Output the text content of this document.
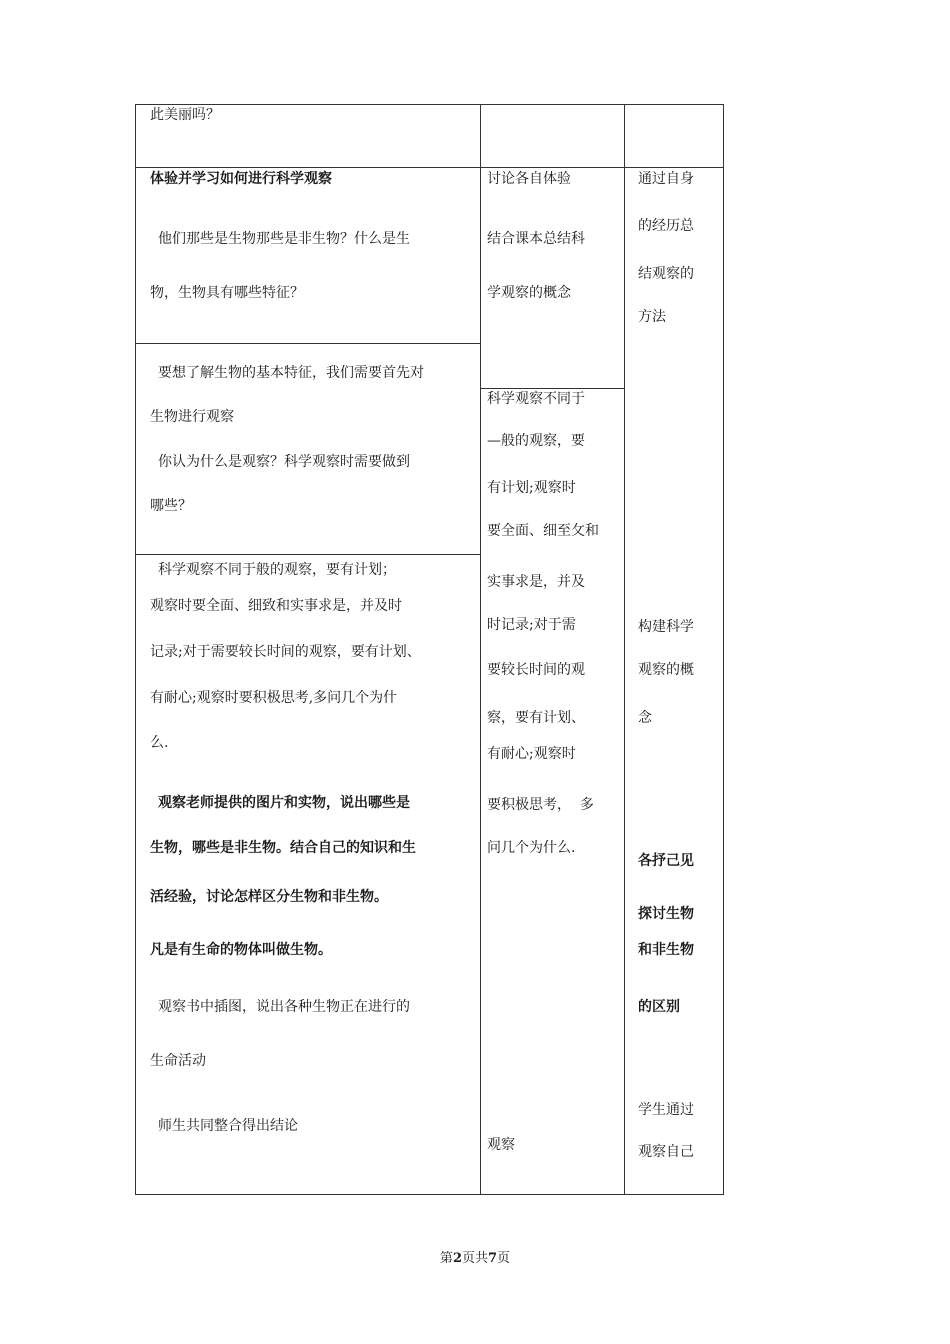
此美丽吗？
体验并学习如何进行科学观察
他们那些是生物那些是非生物？什么是生
物，生物具有哪些特征？
要想了解生物的基本特征，我们需要首先对
生物进行观察
你认为什么是观察？科学观察时需要做到
哪些？
科学观察不同于般的观察，要有计划；
观察时要全面、细致和实事求是，并及时
记录;对于需要较长时间的观察，要有计划、
有耐心;观察时要积极思考,多问几个为什
么.
观察老师提供的图片和实物，说出哪些是
生物，哪些是非生物。结合自己的知识和生
活经验，讨论怎样区分生物和非生物。
凡是有生命的物体叫做生物。
观察书中插图，说出各种生物正在进行的
生命活动
师生共同整合得出结论
讨论各自体验
结合课本总结科
学观察的概念
科学观察不同于
—般的观察，要
有计划;观察时
要全面、细至攵和
实事求是，并及
时记录;对于需
要较长时间的观
察，要有计划、
有耐心;观察时
要积极思考，  多
问几个为什么.
观察
通过自身
的经历总
结观察的
方法
构建科学
观察的概
念
各抒己见
探讨生物
和非生物
的区别
学生通过
观察自己
第2页共7页
